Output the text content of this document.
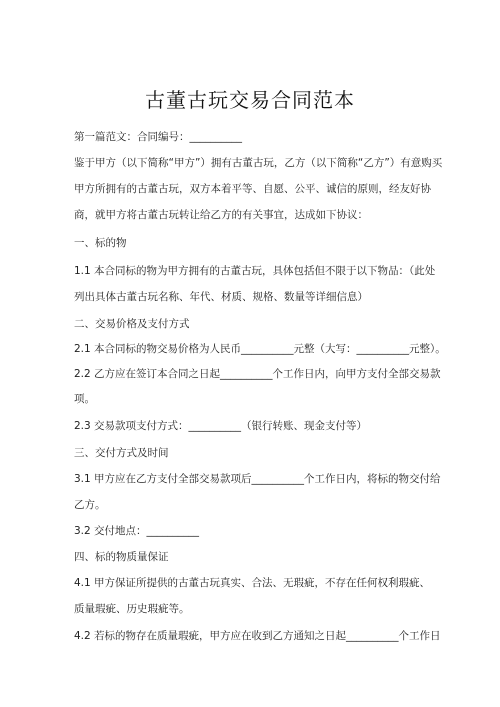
古董古玩交易合同范本
第一篇范文：合同编号：__________
鉴于甲方（以下简称“甲方”）拥有古董古玩，乙方（以下简称“乙方”）有意购买
甲方所拥有的古董古玩，双方本着平等、自愿、公平、诚信的原则，经友好协
商，就甲方将古董古玩转让给乙方的有关事宜，达成如下协议：
一、标的物
1.1 本合同标的物为甲方拥有的古董古玩，具体包括但不限于以下物品：（此处
列出具体古董古玩名称、年代、材质、规格、数量等详细信息）
二、交易价格及支付方式
2.1 本合同标的物交易价格为人民币__________元整（大写：__________元整）。
2.2 乙方应在签订本合同之日起__________个工作日内，向甲方支付全部交易款
项。
2.3 交易款项支付方式：__________（银行转账、现金支付等）
三、交付方式及时间
3.1 甲方应在乙方支付全部交易款项后__________个工作日内，将标的物交付给
乙方。
3.2 交付地点：__________
四、标的物质量保证
4.1 甲方保证所提供的古董古玩真实、合法、无瑕疵，不存在任何权利瑕疵、
质量瑕疵、历史瑕疵等。
4.2 若标的物存在质量瑕疵，甲方应在收到乙方通知之日起__________个工作日
